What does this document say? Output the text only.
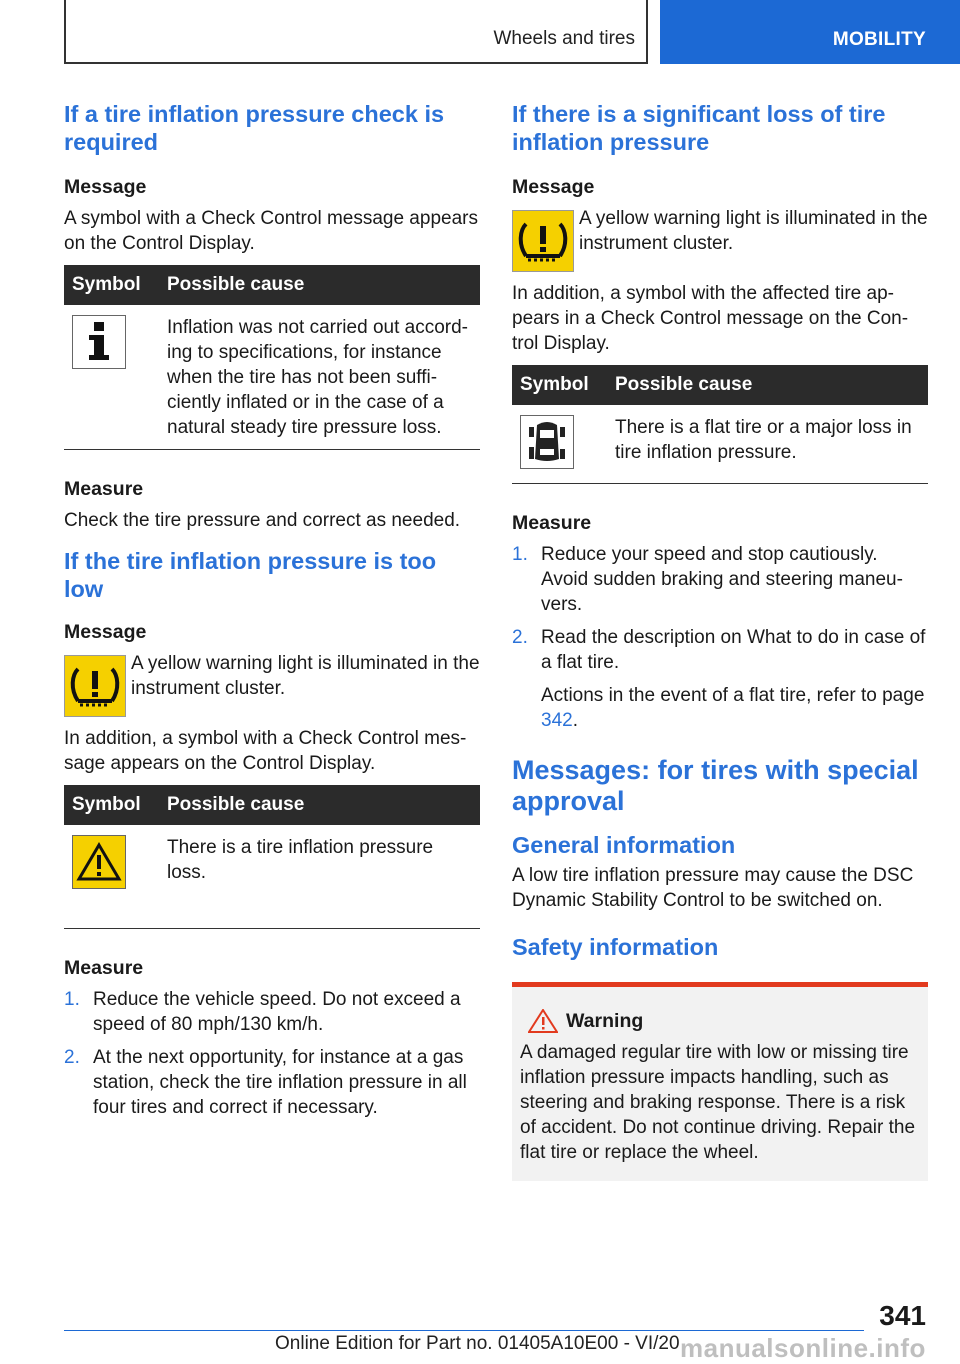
Wheels and tires	MOBILITY
If a tire inflation pressure check is required
Message

A symbol with a Check Control message appears on the Control Display.

Symbol	Possible cause

	Inflation was not carried out according to specifications, for instance when the tire has not been sufficiently inflated or in the case of a natural steady tire pressure loss.
Measure

Check the tire pressure and correct as needed.

If the tire inflation pressure is too low
Message

A yellow warning light is illuminated in the instrument cluster.

In addition, a symbol with a Check Control message appears on the Control Display.

Symbol	Possible cause

	There is a tire inflation pressure loss.
Measure
1. Reduce the vehicle speed. Do not exceed a speed of 80 mph/130 km/h.
2. At the next opportunity, for instance at a gas station, check the tire inflation pressure in all four tires and correct if necessary.
If there is a significant loss of tire inflation pressure
Message

A yellow warning light is illuminated in the instrument cluster.

In addition, a symbol with the affected tire appears in a Check Control message on the Control Display.

Symbol	Possible cause

	There is a flat tire or a major loss in tire inflation pressure.
Measure
1. Reduce your speed and stop cautiously. Avoid sudden braking and steering maneuvers.
2. Read the description on What to do in case of a flat tire.
Actions in the event of a flat tire, refer to page 342.
Messages: for tires with special approval
General information

A low tire inflation pressure may cause the DSC Dynamic Stability Control to be switched on.

Safety information
Warning

A damaged regular tire with low or missing tire inflation pressure impacts handling, such as steering and braking response. There is a risk of accident. Do not continue driving. Repair the flat tire or replace the wheel.

341
Online Edition for Part no. 01405A10E00 - VI/20 manualsonline.info
